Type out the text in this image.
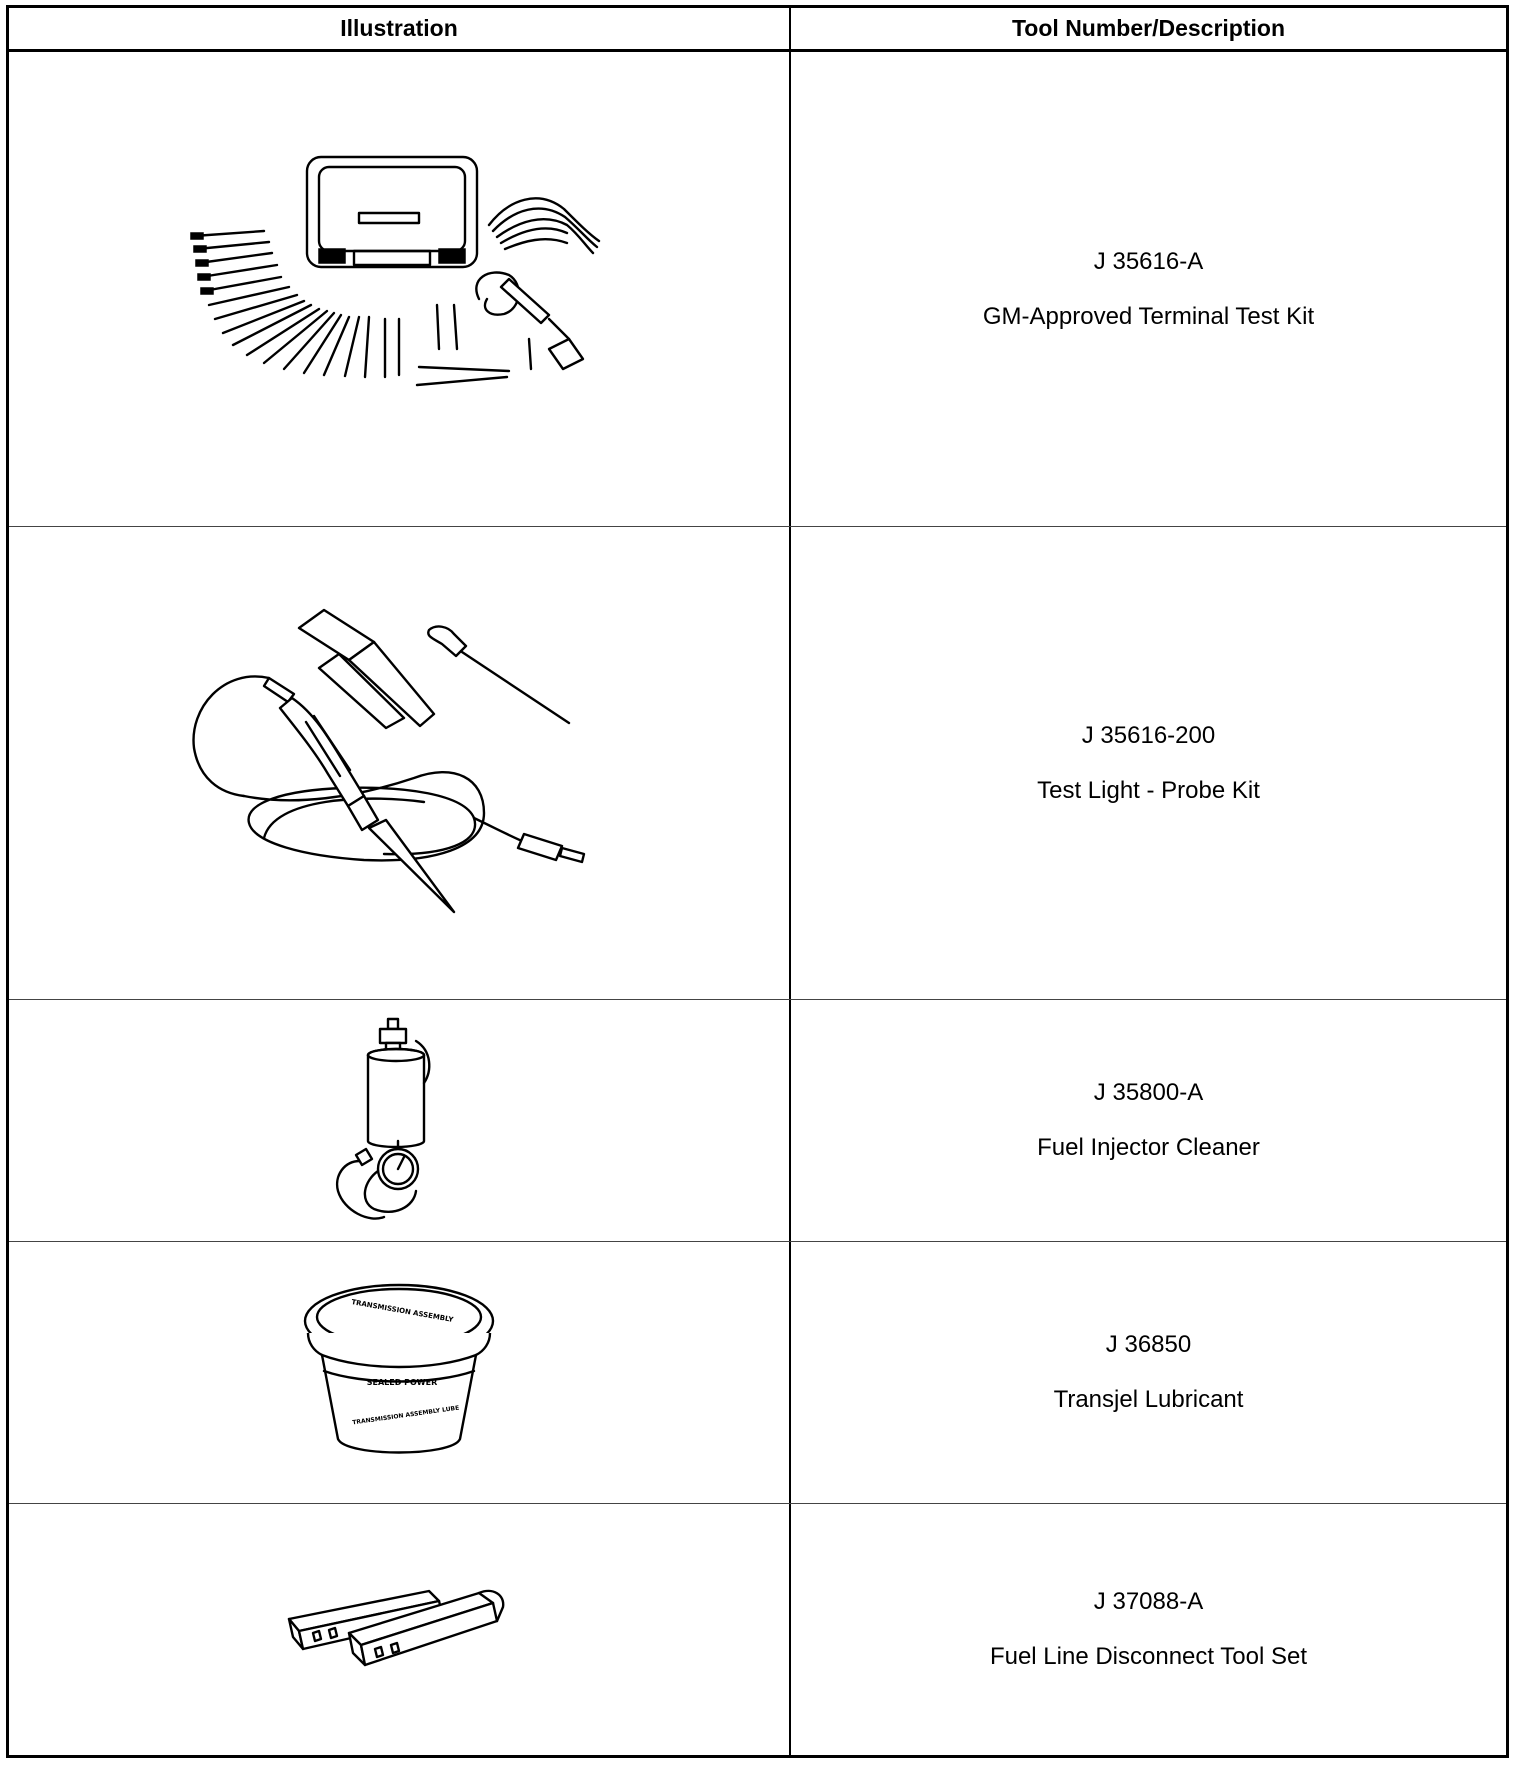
Illustration	Tool Number/Description
J 35616-A
GM-Approved Terminal Test Kit
J 35616-200
Test Light - Probe Kit
J 35800-A
Fuel Injector Cleaner
TRANSMISSION ASSEMBLY
SEALED POWER
TRANSMISSION ASSEMBLY LUBE
J 36850
Transjel Lubricant
J 37088-A
Fuel Line Disconnect Tool Set
